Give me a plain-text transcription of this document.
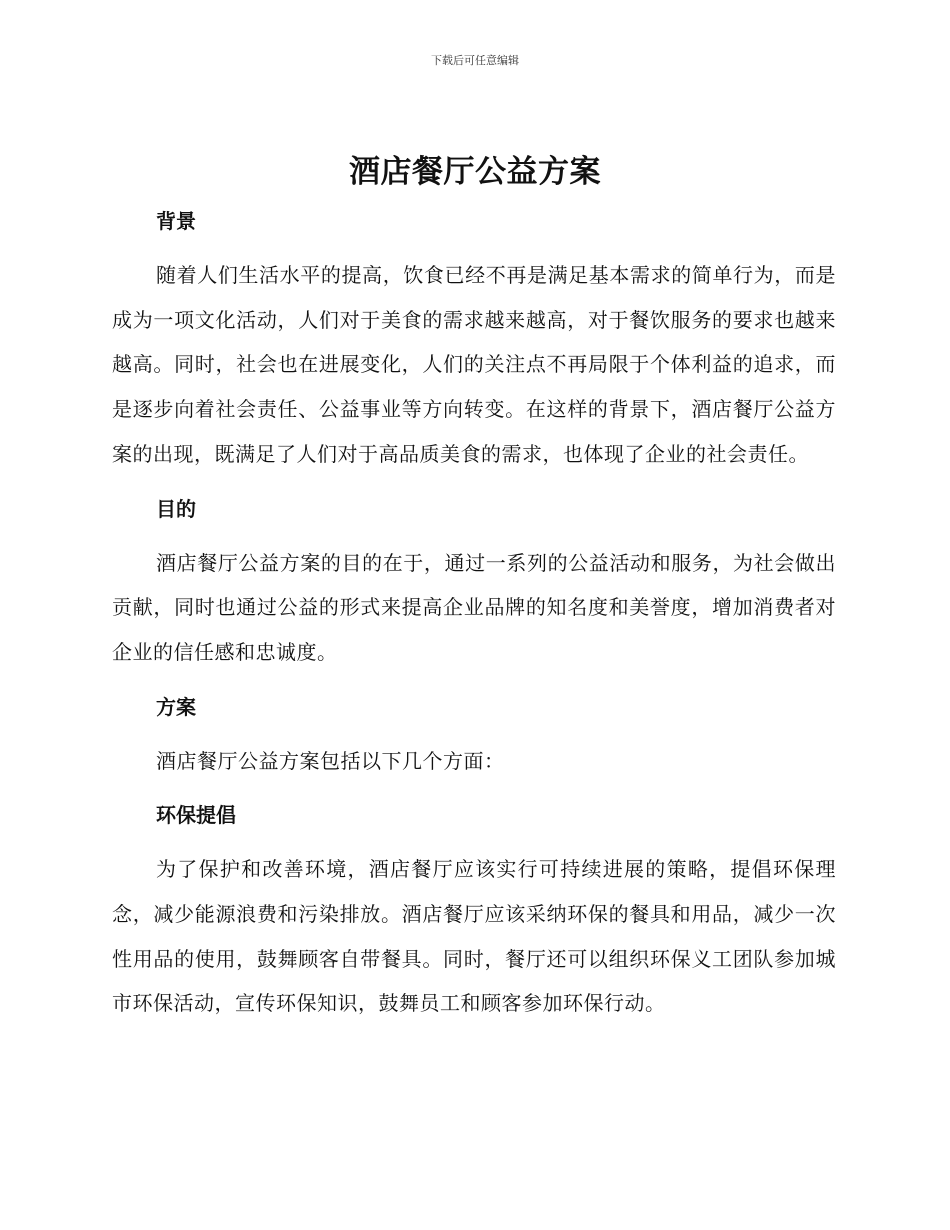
下载后可任意编辑
酒店餐厅公益方案
背景

随着人们生活水平的提高，饮食已经不再是满足基本需求的简单行为，而是成为一项文化活动，人们对于美食的需求越来越高，对于餐饮服务的要求也越来越高。同时，社会也在进展变化，人们的关注点不再局限于个体利益的追求，而是逐步向着社会责任、公益事业等方向转变。在这样的背景下，酒店餐厅公益方案的出现，既满足了人们对于高品质美食的需求，也体现了企业的社会责任。

目的

酒店餐厅公益方案的目的在于，通过一系列的公益活动和服务，为社会做出贡献，同时也通过公益的形式来提高企业品牌的知名度和美誉度，增加消费者对企业的信任感和忠诚度。

方案

酒店餐厅公益方案包括以下几个方面：

环保提倡

为了保护和改善环境，酒店餐厅应该实行可持续进展的策略，提倡环保理念，减少能源浪费和污染排放。酒店餐厅应该采纳环保的餐具和用品，减少一次性用品的使用，鼓舞顾客自带餐具。同时，餐厅还可以组织环保义工团队参加城市环保活动，宣传环保知识，鼓舞员工和顾客参加环保行动。
